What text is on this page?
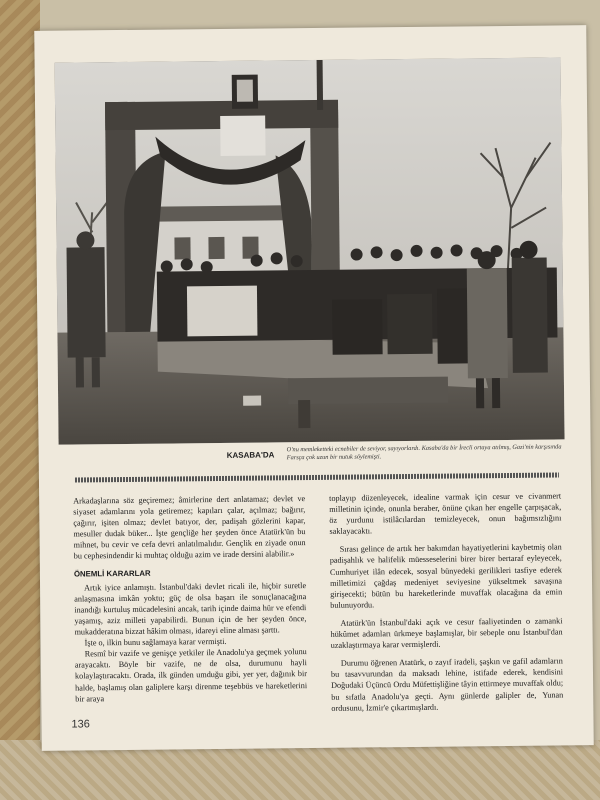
KASABA'DA
O'nu memleketteki ecnebiler de seviyor, sayıyorlardı. Kasaba'da bir İrecli ortaya atılmış, Gazi'nin karşısında Farsça çok uzun bir nutuk söylemişti.

Arkadaşlarına söz geçiremez; âmirlerine dert anlatamaz; devlet ve siyaset adamlarını yola getiremez; kapıları çalar, açılmaz; bağırır, çağırır, işiten olmaz; devlet batıyor, der, padişah gözlerini kapar, mesuller dudak büker... İşte gençliğe her şeyden önce Atatürk'ün bu mihnet, bu cevir ve cefa devri anlatılmalıdır. Gençlik en ziyade onun bu cephesindendir ki muhtaç olduğu azim ve irade dersini alabilir.»

ÖNEMLİ KARARLAR

Artık iyice anlamıştı. İstanbul'daki devlet ricali ile, hiçbir suretle anlaşmasına imkân yoktu; güç de olsa başarı ile sonuçlanacağına inandığı kurtuluş mücadelesini ancak, tarih içinde daima hür ve efendi yaşamış, aziz milleti yapabilirdi. Bunun için de her şeyden önce, mukadderatına bizzat hâkim olması, idareyi eline alması şarttı.

İşte o, ilkin bunu sağlamaya karar vermişti.

Resmî bir vazife ve genişçe yetkiler ile Anadolu'ya geçmek yolunu arayacaktı. Böyle bir vazife, ne de olsa, durumunu hayli kolaylaştıracaktı. Orada, ilk günden umduğu gibi, yer yer, dağınık bir halde, başlamış olan galiplere karşı direnme teşebbüs ve hareketlerini bir araya

toplayıp düzenleyecek, idealine varmak için cesur ve civanmert milletinin içinde, onunla beraber, önüne çıkan her engelle çarpışacak, öz yurdunu istilâcılardan temizleyecek, onun bağımsızlığını saklayacaktı.

Sırası gelince de artık her bakımdan hayatiyetlerini kaybetmiş olan padişahlık ve halifelik müesseselerini birer birer bertaraf eyleyecek, Cumhuriyet ilân edecek, sosyal bünyedeki gerilikleri tasfiye ederek milletimizi çağdaş medeniyet seviyesine yükseltmek savaşına girişecekti; bütün bu hareketlerinde muvaffak olacağına da emin bulunuyordu.

Atatürk'ün İstanbul'daki açık ve cesur faaliyetinden o zamanki hükûmet adamları ürkmeye başlamışlar, bir sebeple onu İstanbul'dan uzaklaştırmaya karar vermişlerdi.

Durumu öğrenen Atatürk, o zayıf iradeli, şaşkın ve gafil adamların bu tasavvurundan da maksadı lehine, istifade ederek, kendisini Doğudaki Üçüncü Ordu Müfettişliğine tâyin ettirmeye muvaffak oldu; bu sıfatla Anadolu'ya geçti. Aynı günlerde galipler de, Yunan ordusunu, İzmir'e çıkartmışlardı.

136
